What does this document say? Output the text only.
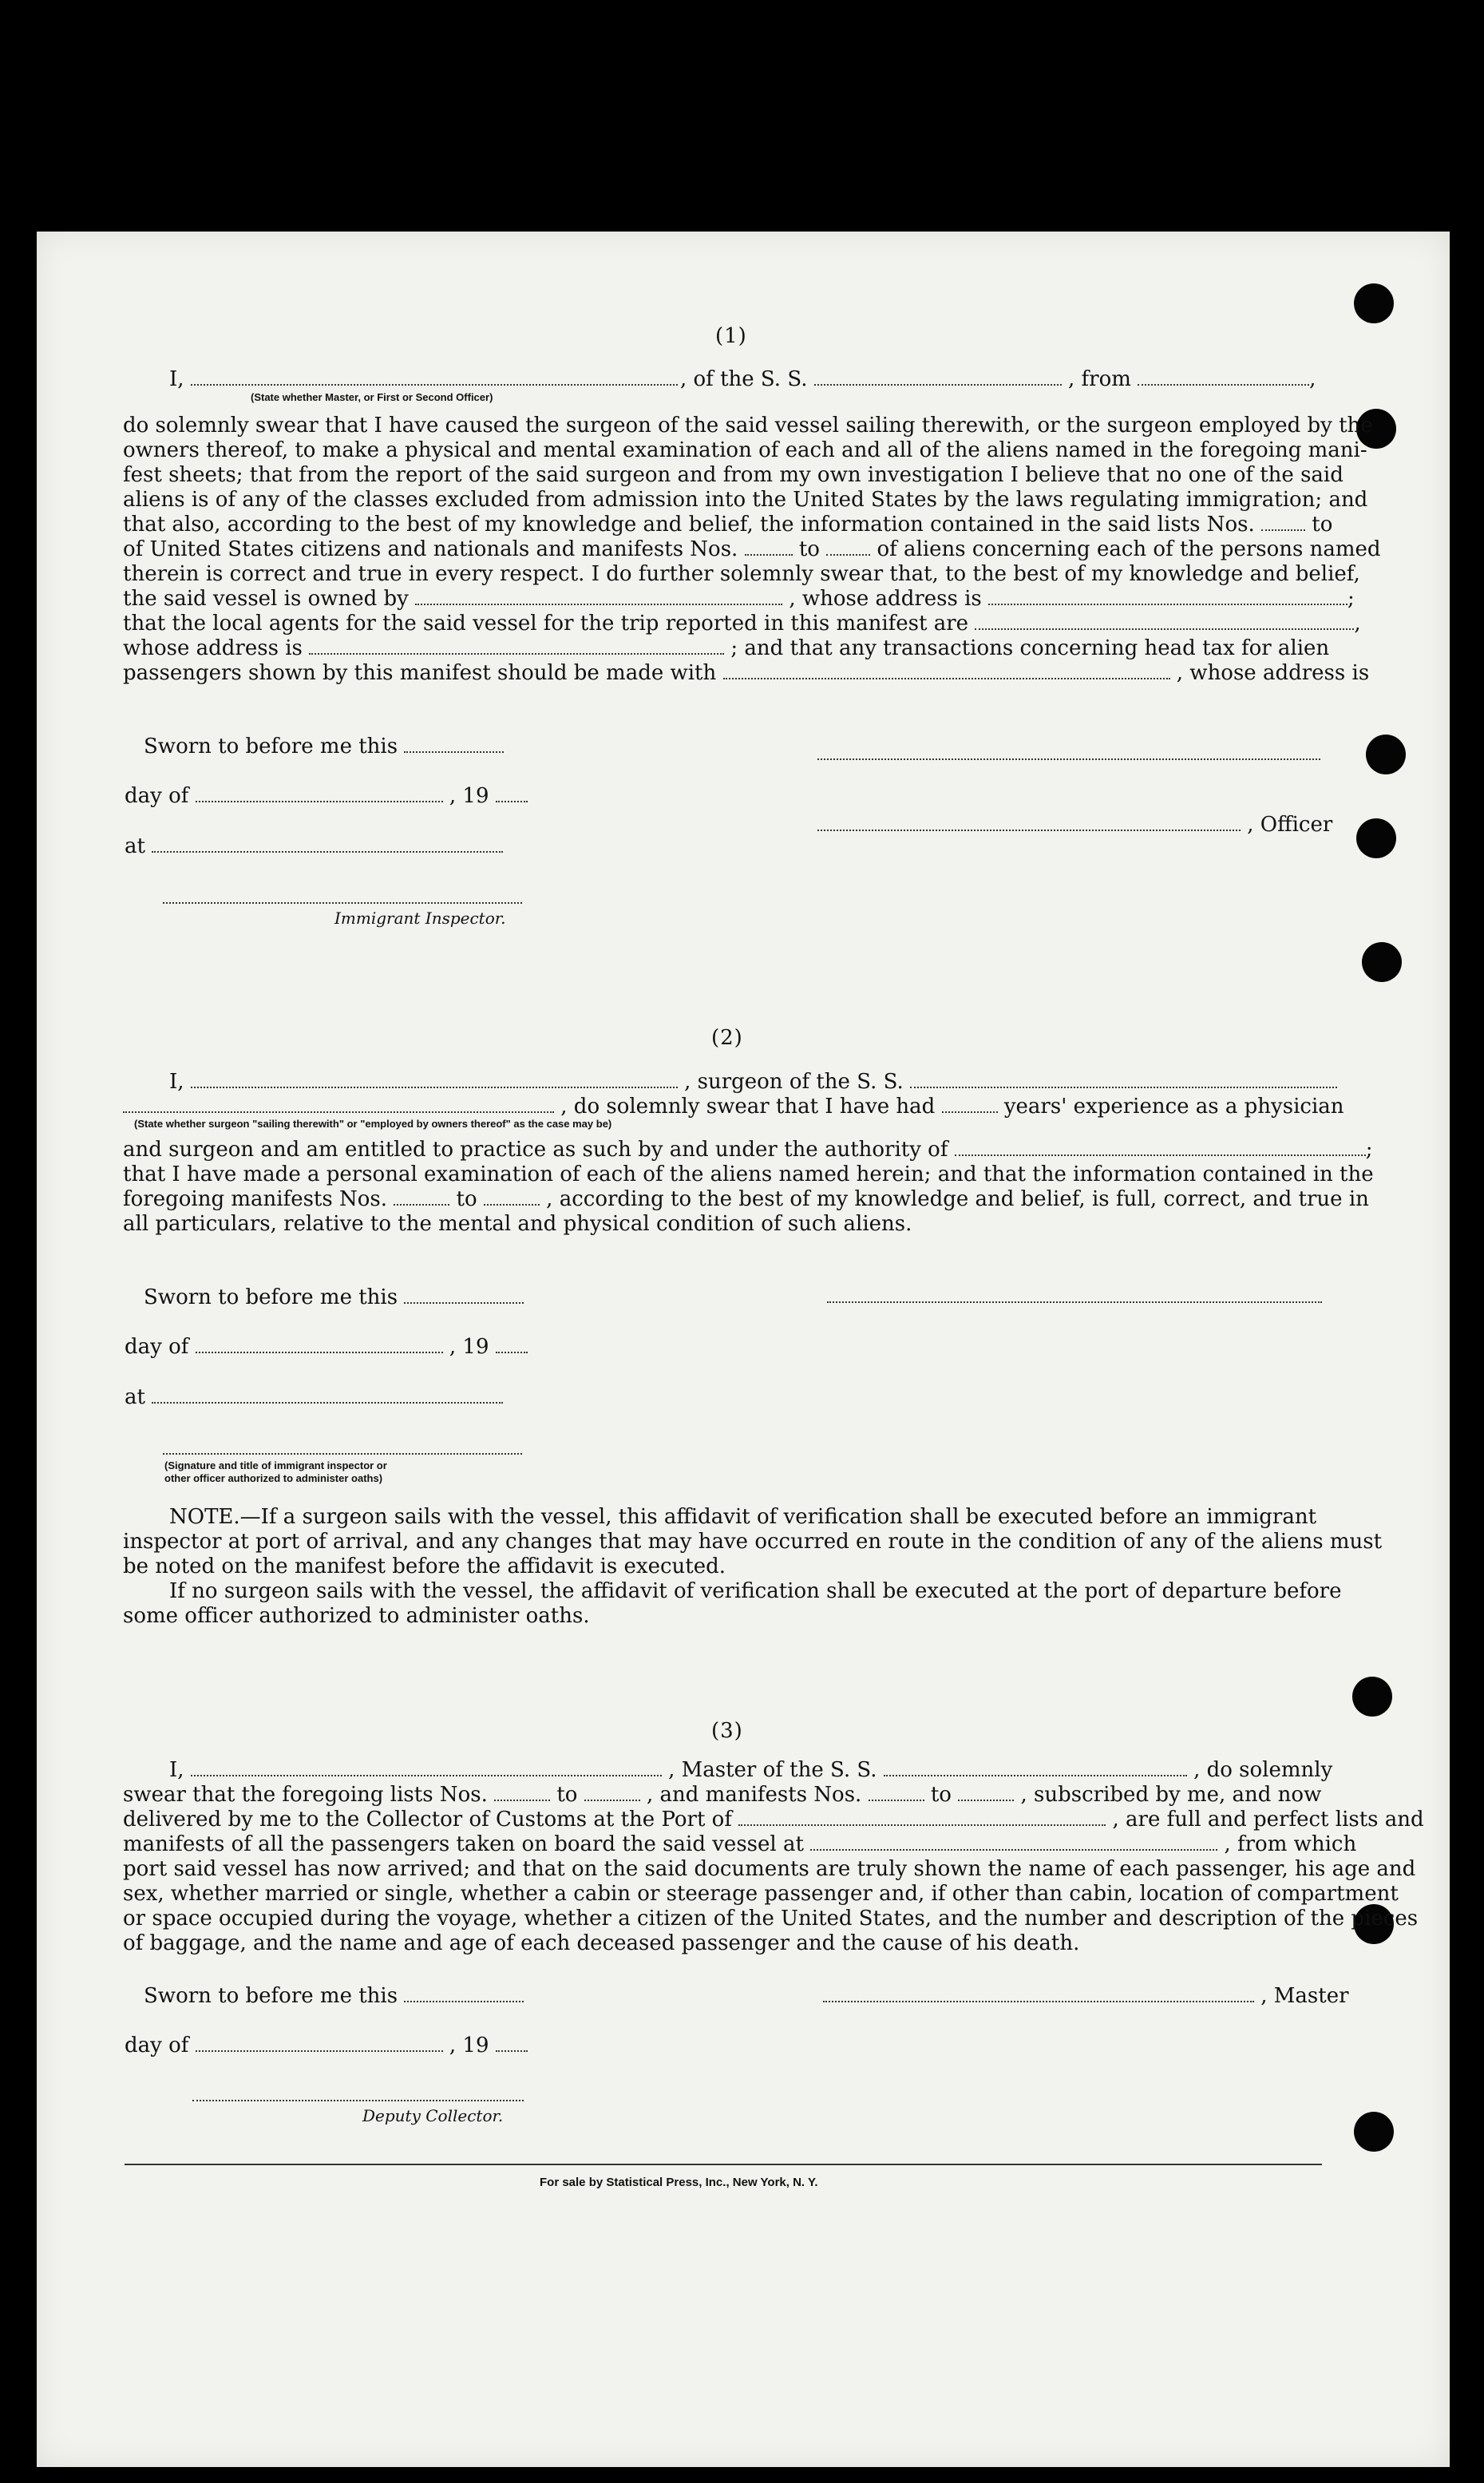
(1)
I,	, of the S. S.	, from	,
(State whether Master, or First or Second Officer)
do solemnly swear that I have caused the surgeon of the said vessel sailing therewith, or the surgeon employed by the
owners thereof, to make a physical and mental examination of each and all of the aliens named in the foregoing mani-
fest sheets; that from the report of the said surgeon and from my own investigation I believe that no one of the said
aliens is of any of the classes excluded from admission into the United States by the laws regulating immigration; and
that also, according to the best of my knowledge and belief, the information contained in the said lists Nos.	to
of United States citizens and nationals and manifests Nos.	to	of aliens concerning each of the persons named
therein is correct and true in every respect. I do further solemnly swear that, to the best of my knowledge and belief,
the said vessel is owned by	, whose address is	;
that the local agents for the said vessel for the trip reported in this manifest are	,
whose address is	; and that any transactions concerning head tax for alien
passengers shown by this manifest should be made with	, whose address is
Sworn to before me this
day of	, 19
at
Immigrant Inspector.
, Officer
(2)
I,	, surgeon of the S. S.
, do solemnly swear that I have had	years' experience as a physician
(State whether surgeon "sailing therewith" or "employed by owners thereof" as the case may be)
and surgeon and am entitled to practice as such by and under the authority of	;
that I have made a personal examination of each of the aliens named herein; and that the information contained in the
foregoing manifests Nos.	to	, according to the best of my knowledge and belief, is full, correct, and true in
all particulars, relative to the mental and physical condition of such aliens.
Sworn to before me this
day of	, 19
at
(Signature and title of immigrant inspector or
other officer authorized to administer oaths)
NOTE.—If a surgeon sails with the vessel, this affidavit of verification shall be executed before an immigrant
inspector at port of arrival, and any changes that may have occurred en route in the condition of any of the aliens must
be noted on the manifest before the affidavit is executed.
If no surgeon sails with the vessel, the affidavit of verification shall be executed at the port of departure before
some officer authorized to administer oaths.
(3)
I,	, Master of the S. S.	, do solemnly
swear that the foregoing lists Nos.	to	, and manifests Nos.	to	, subscribed by me, and now
delivered by me to the Collector of Customs at the Port of	, are full and perfect lists and
manifests of all the passengers taken on board the said vessel at	, from which
port said vessel has now arrived; and that on the said documents are truly shown the name of each passenger, his age and
sex, whether married or single, whether a cabin or steerage passenger and, if other than cabin, location of compartment
or space occupied during the voyage, whether a citizen of the United States, and the number and description of the pieces
of baggage, and the name and age of each deceased passenger and the cause of his death.
Sworn to before me this	, Master
day of	, 19
Deputy Collector.
For sale by Statistical Press, Inc., New York, N. Y.
